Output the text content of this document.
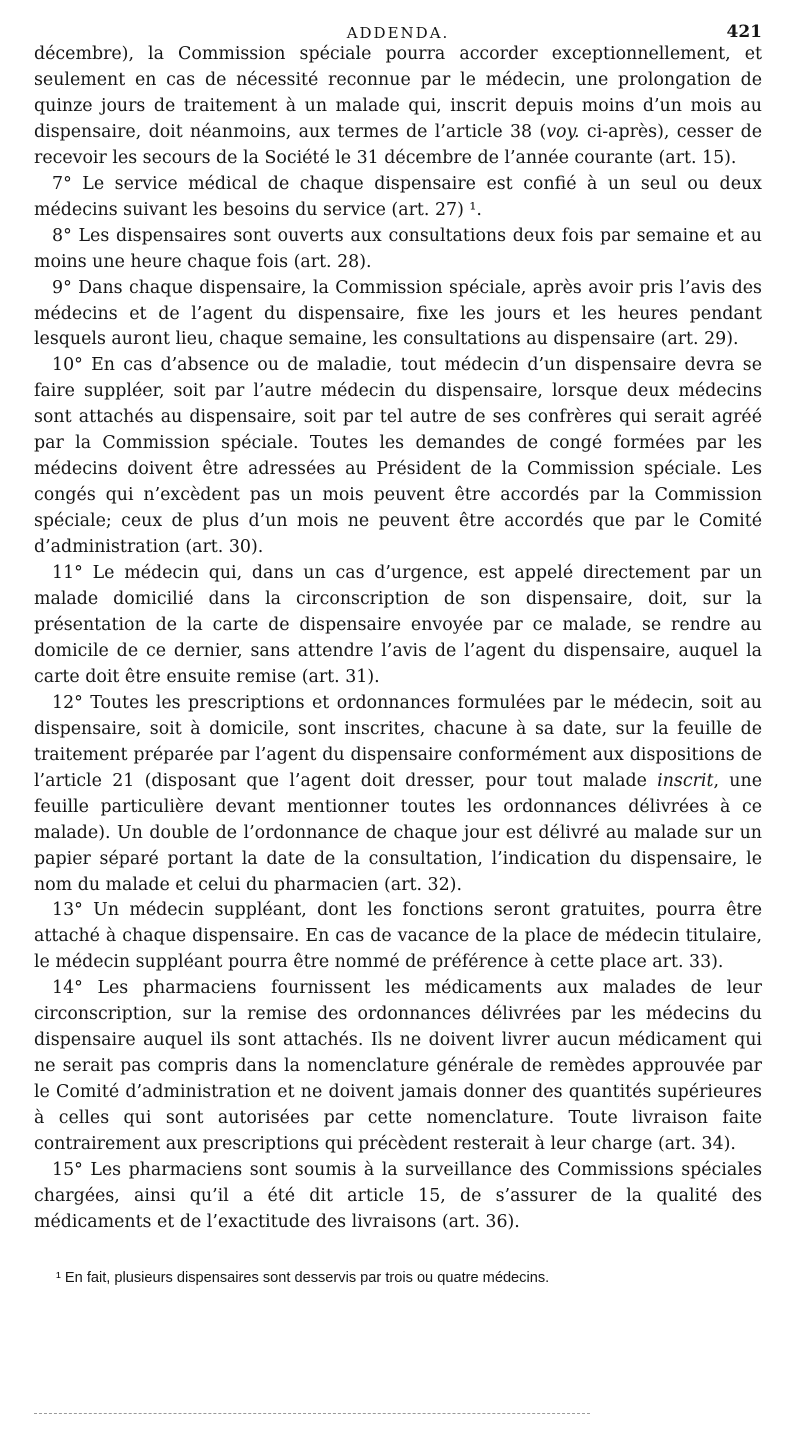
ADDENDA.	421

décembre), la Commission spéciale pourra accorder exceptionnellement, et seulement en cas de nécessité reconnue par le médecin, une prolongation de quinze jours de traitement à un malade qui, inscrit depuis moins d’un mois au dispensaire, doit néanmoins, aux termes de l’article 38 (voy. ci-après), cesser de recevoir les secours de la Société le 31 décembre de l’année courante (art. 15).

7° Le service médical de chaque dispensaire est confié à un seul ou deux médecins suivant les besoins du service (art. 27) ¹.

8° Les dispensaires sont ouverts aux consultations deux fois par semaine et au moins une heure chaque fois (art. 28).

9° Dans chaque dispensaire, la Commission spéciale, après avoir pris l’avis des médecins et de l’agent du dispensaire, fixe les jours et les heures pendant lesquels auront lieu, chaque semaine, les consultations au dispensaire (art. 29).

10° En cas d’absence ou de maladie, tout médecin d’un dispensaire devra se faire suppléer, soit par l’autre médecin du dispensaire, lorsque deux médecins sont attachés au dispensaire, soit par tel autre de ses confrères qui serait agréé par la Commission spéciale. Toutes les demandes de congé formées par les médecins doivent être adressées au Président de la Commission spéciale. Les congés qui n’excèdent pas un mois peuvent être accordés par la Commission spéciale; ceux de plus d’un mois ne peuvent être accordés que par le Comité d’administration (art. 30).

11° Le médecin qui, dans un cas d’urgence, est appelé directement par un malade domicilié dans la circonscription de son dispensaire, doit, sur la présentation de la carte de dispensaire envoyée par ce malade, se rendre au domicile de ce dernier, sans attendre l’avis de l’agent du dispensaire, auquel la carte doit être ensuite remise (art. 31).

12° Toutes les prescriptions et ordonnances formulées par le médecin, soit au dispensaire, soit à domicile, sont inscrites, chacune à sa date, sur la feuille de traitement préparée par l’agent du dispensaire conformément aux dispositions de l’article 21 (disposant que l’agent doit dresser, pour tout malade inscrit, une feuille particulière devant mentionner toutes les ordonnances délivrées à ce malade). Un double de l’ordonnance de chaque jour est délivré au malade sur un papier séparé portant la date de la consultation, l’indication du dispensaire, le nom du malade et celui du pharmacien (art. 32).

13° Un médecin suppléant, dont les fonctions seront gratuites, pourra être attaché à chaque dispensaire. En cas de vacance de la place de médecin titulaire, le médecin suppléant pourra être nommé de préférence à cette place art. 33).

14° Les pharmaciens fournissent les médicaments aux malades de leur circonscription, sur la remise des ordonnances délivrées par les médecins du dispensaire auquel ils sont attachés. Ils ne doivent livrer aucun médicament qui ne serait pas compris dans la nomenclature générale de remèdes approuvée par le Comité d’administration et ne doivent jamais donner des quantités supérieures à celles qui sont autorisées par cette nomenclature. Toute livraison faite contrairement aux prescriptions qui précèdent resterait à leur charge (art. 34).

15° Les pharmaciens sont soumis à la surveillance des Commissions spéciales chargées, ainsi qu’il a été dit article 15, de s’assurer de la qualité des médicaments et de l’exactitude des livraisons (art. 36).

¹ En fait, plusieurs dispensaires sont desservis par trois ou quatre médecins.
